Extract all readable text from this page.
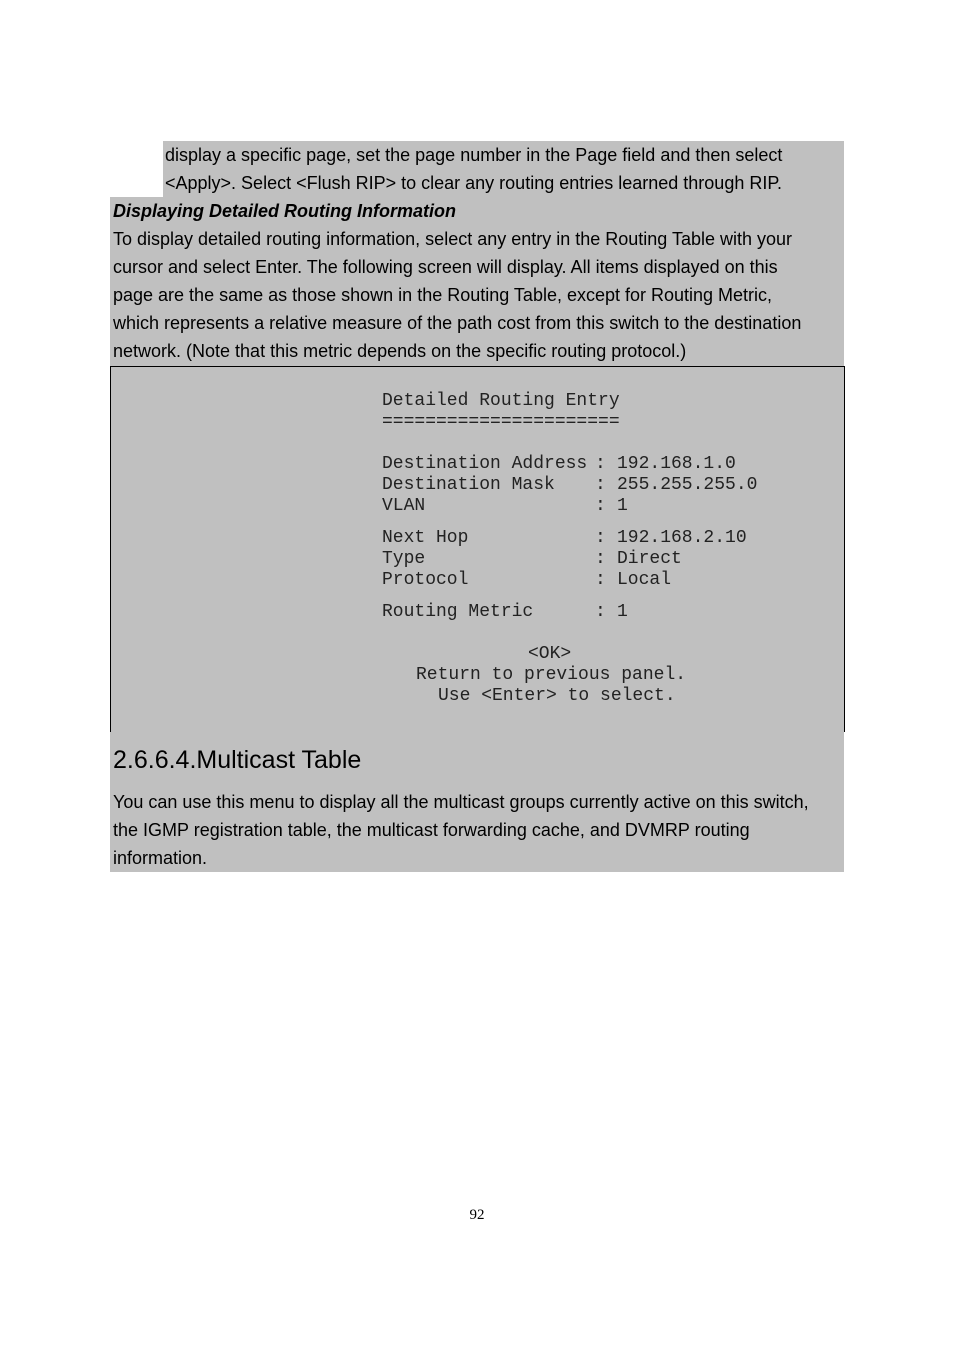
display a specific page, set the page number in the Page field and then select
<Apply>. Select <Flush RIP> to clear any routing entries learned through RIP.
Displaying Detailed Routing Information
To display detailed routing information, select any entry in the Routing Table with your
cursor and select Enter. The following screen will display. All items displayed on this
page are the same as those shown in the Routing Table, except for Routing Metric,
which represents a relative measure of the path cost from this switch to the destination
network. (Note that this metric depends on the specific routing protocol.)
Detailed Routing Entry
======================
Destination Address : 192.168.1.0
Destination Mask : 255.255.255.0
VLAN	: 1
Next Hop	: 192.168.2.10
Type	: Direct
Protocol	: Local
Routing Metric	: 1
<OK>
Return to previous panel.
Use <Enter> to select.
2.6.6.4.Multicast Table
You can use this menu to display all the multicast groups currently active on this switch,
the IGMP registration table, the multicast forwarding cache, and DVMRP routing
information.
92
